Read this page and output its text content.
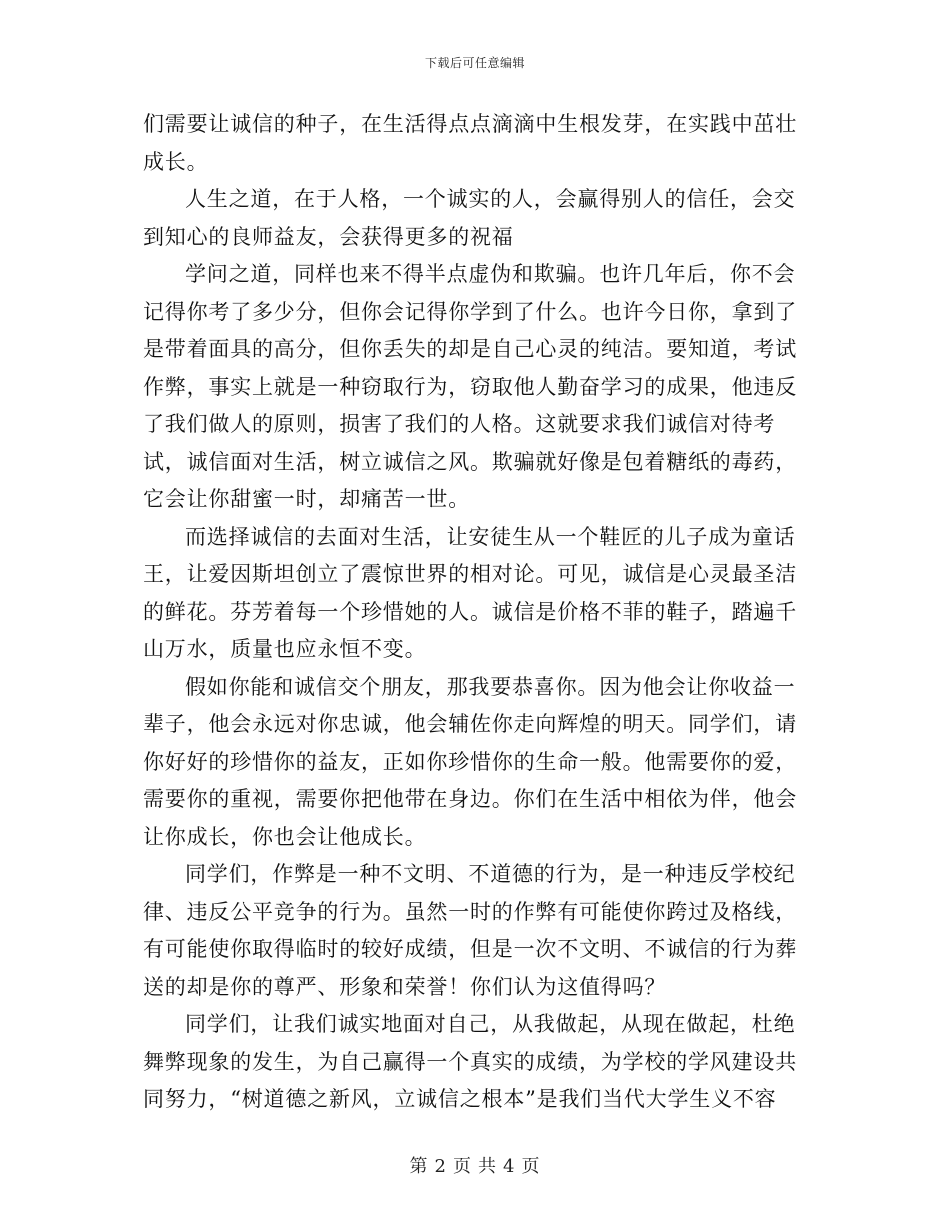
下载后可任意编辑

们需要让诚信的种子，在生活得点点滴滴中生根发芽，在实践中茁壮成长。

人生之道，在于人格，一个诚实的人，会赢得别人的信任，会交到知心的良师益友，会获得更多的祝福

学问之道，同样也来不得半点虚伪和欺骗。也许几年后，你不会记得你考了多少分，但你会记得你学到了什么。也许今日你，拿到了是带着面具的高分，但你丢失的却是自己心灵的纯洁。要知道，考试作弊，事实上就是一种窃取行为，窃取他人勤奋学习的成果，他违反了我们做人的原则，损害了我们的人格。这就要求我们诚信对待考试，诚信面对生活，树立诚信之风。欺骗就好像是包着糖纸的毒药，它会让你甜蜜一时，却痛苦一世。

而选择诚信的去面对生活，让安徒生从一个鞋匠的儿子成为童话王，让爱因斯坦创立了震惊世界的相对论。可见，诚信是心灵最圣洁的鲜花。芬芳着每一个珍惜她的人。诚信是价格不菲的鞋子，踏遍千山万水，质量也应永恒不变。

假如你能和诚信交个朋友，那我要恭喜你。因为他会让你收益一辈子，他会永远对你忠诚，他会辅佐你走向辉煌的明天。同学们，请你好好的珍惜你的益友，正如你珍惜你的生命一般。他需要你的爱，需要你的重视，需要你把他带在身边。你们在生活中相依为伴，他会让你成长，你也会让他成长。

同学们，作弊是一种不文明、不道德的行为，是一种违反学校纪律、违反公平竞争的行为。虽然一时的作弊有可能使你跨过及格线，有可能使你取得临时的较好成绩，但是一次不文明、不诚信的行为葬送的却是你的尊严、形象和荣誉！你们认为这值得吗？

同学们，让我们诚实地面对自己，从我做起，从现在做起，杜绝舞弊现象的发生，为自己赢得一个真实的成绩，为学校的学风建设共同努力，“树道德之新风，立诚信之根本”是我们当代大学生义不容

第 2 页 共 4 页
